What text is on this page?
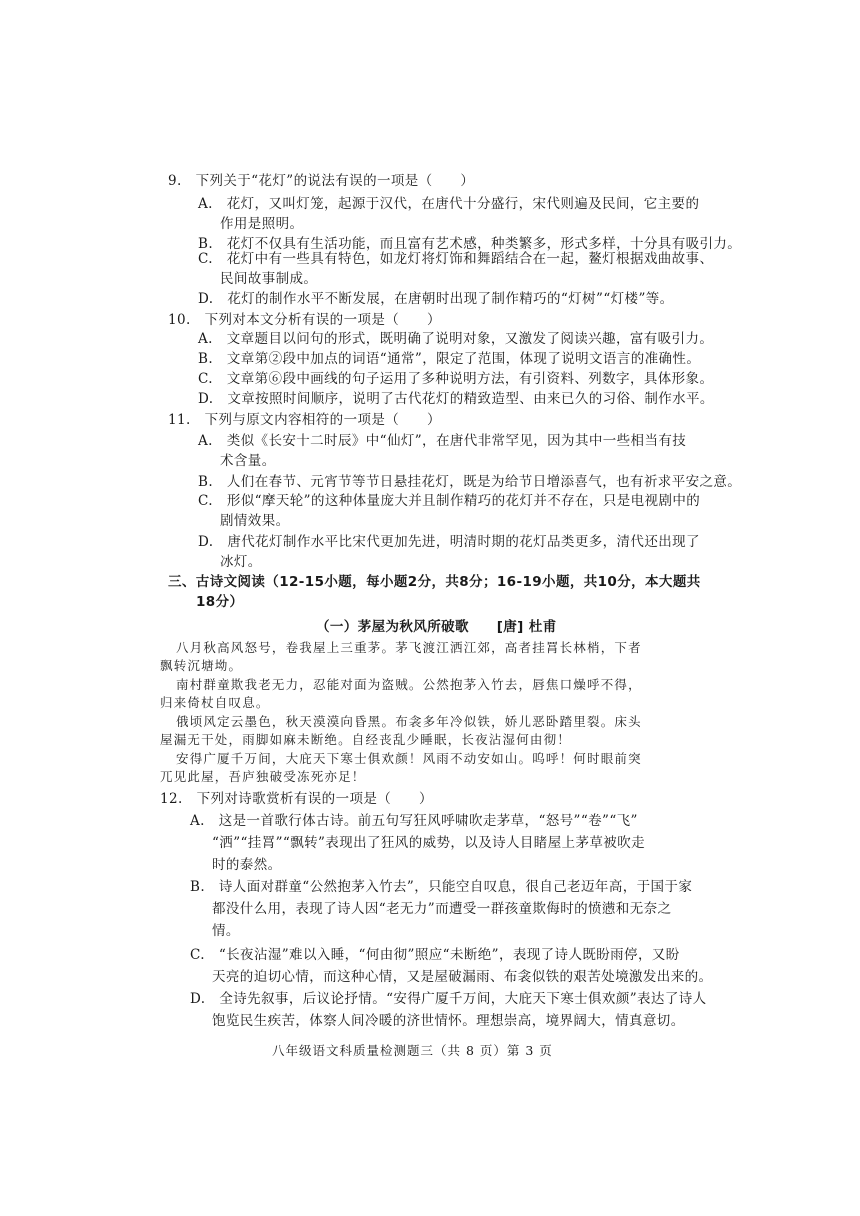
9.　下列关于“花灯”的说法有误的一项是（　　）
A.　花灯，又叫灯笼，起源于汉代，在唐代十分盛行，宋代则遍及民间，它主要的
作用是照明。
B.　花灯不仅具有生活功能，而且富有艺术感，种类繁多，形式多样，十分具有吸引力。
C.　花灯中有一些具有特色，如龙灯将灯饰和舞蹈结合在一起，鳌灯根据戏曲故事、
民间故事制成。
D.　花灯的制作水平不断发展，在唐朝时出现了制作精巧的“灯树”“灯楼”等。
10.　下列对本文分析有误的一项是（　　）
A.　文章题目以问句的形式，既明确了说明对象，又激发了阅读兴趣，富有吸引力。
B.　文章第②段中加点的词语“通常”，限定了范围，体现了说明文语言的准确性。
C.　文章第⑥段中画线的句子运用了多种说明方法，有引资料、列数字，具体形象。
D.　文章按照时间顺序，说明了古代花灯的精致造型、由来已久的习俗、制作水平。
11.　下列与原文内容相符的一项是（　　）
A.　类似《长安十二时辰》中“仙灯”，在唐代非常罕见，因为其中一些相当有技
术含量。
B.　人们在春节、元宵节等节日悬挂花灯，既是为给节日增添喜气，也有祈求平安之意。
C.　形似“摩天轮”的这种体量庞大并且制作精巧的花灯并不存在，只是电视剧中的
剧情效果。
D.　唐代花灯制作水平比宋代更加先进，明清时期的花灯品类更多，清代还出现了
冰灯。
三、古诗文阅读（12-15小题，每小题2分，共8分；16-19小题，共10分，本大题共
18分）
（一）茅屋为秋风所破歌　　[唐] 杜甫
八月秋高风怒号，卷我屋上三重茅。茅飞渡江洒江郊，高者挂罥长林梢，下者
飘转沉塘坳。
南村群童欺我老无力，忍能对面为盗贼。公然抱茅入竹去，唇焦口燥呼不得，
归来倚杖自叹息。
俄顷风定云墨色，秋天漠漠向昏黑。布衾多年冷似铁，娇儿恶卧踏里裂。床头
屋漏无干处，雨脚如麻未断绝。自经丧乱少睡眠，长夜沾湿何由彻！
安得广厦千万间，大庇天下寒士俱欢颜！风雨不动安如山。呜呼！何时眼前突
兀见此屋，吾庐独破受冻死亦足！
12.　下列对诗歌赏析有误的一项是（　　）
A.　这是一首歌行体古诗。前五句写狂风呼啸吹走茅草，“怒号”“卷”“飞”
“洒”“挂罥”“飘转”表现出了狂风的威势，以及诗人目睹屋上茅草被吹走
时的泰然。
B.　诗人面对群童“公然抱茅入竹去”，只能空自叹息，很自己老迈年高，于国于家
都没什么用，表现了诗人因“老无力”而遭受一群孩童欺侮时的愤懑和无奈之
情。
C.　“长夜沾湿”难以入睡，“何由彻”照应“未断绝”，表现了诗人既盼雨停，又盼
天亮的迫切心情，而这种心情，又是屋破漏雨、布衾似铁的艰苦处境激发出来的。
D.　全诗先叙事，后议论抒情。“安得广厦千万间，大庇天下寒士俱欢颜”表达了诗人
饱览民生疾苦，体察人间冷暖的济世情怀。理想崇高，境界阔大，情真意切。
八年级语文科质量检测题三（共 8 页）第 3 页
